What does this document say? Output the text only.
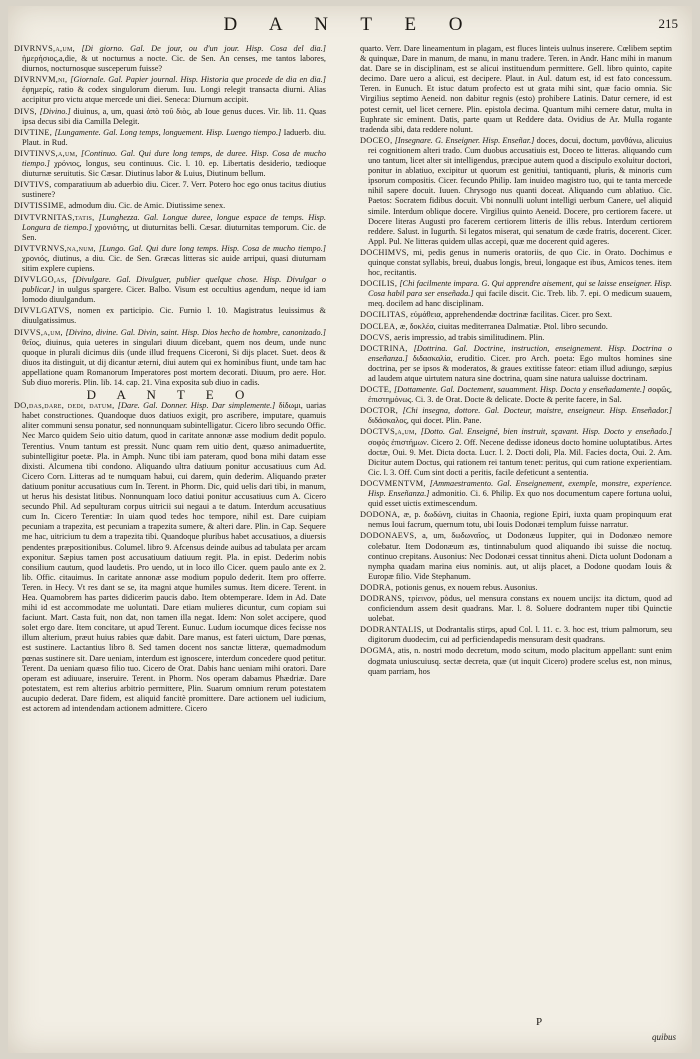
D A N T E O	215

DIVRNVS,a,um, [Di giorno. Gal. De jour, ou d'un jour. Hisp. Cosa del dia.] ἡμερήσιος,a,die, & ut nocturnus a nocte. Cic. de Sen. An censes, me tantos labores, diurnos, nocturnosque susceperum fuisse?

DIVRNVM,ni, [Giornale. Gal. Papier journal. Hisp. Historia que procede de dia en dia.] ἐφημερίς, ratio & codex singulorum dierum. Iuu. Longi relegit transacta diurni. Alias accipitur pro victu atque mercede uni diei. Seneca: Diurnum accipit.

DIVS, [Divino.] diuinus, a, um, quasi ἀπὸ τοῦ διὸς, ab Ioue genus duces. Vir. lib. 11. Quas ipsa decus sibi dia Camilla Delegit.

DIVTINE, [Lungamente. Gal. Long temps, longuement. Hisp. Luengo tiempo.] Iaduerb. diu. Plaut. in Rud.

DIVTINVS,a,um, [Continuo. Gal. Qui dure long temps, de duree. Hisp. Cosa de mucho tiempo.] χρόνιος, longus, seu continuus. Cic. l. 10. ep. Libertatis desiderio, tædioque diuturnæ seruitutis. Sic Cæsar. Diutinus labor & Luius, Diutinum bellum.

DIVTIVS, comparatiuum ab aduerbio diu. Cicer. 7. Verr. Potero hoc ego onus tacitus diutius sustinere?

DIVTISSIME, admodum diu. Cic. de Amic. Diutissime senex.

DIVTVRNITAS,tatis, [Lunghezza. Gal. Longue duree, longue espace de temps. Hisp. Longura de tiempo.] χρονιότης, ut diuturnitas belli. Cæsar. diuturnitas temporum. Cic. de Sen.

DIVTVRNVS,na,num, [Lungo. Gal. Qui dure long temps. Hisp. Cosa de mucho tiempo.] χρονιός, diutinus, a diu. Cic. de Sen. Græcas litteras sic auide arripui, quasi diuturnam sitim explere cupiens.

DIVVLGO,as, [Divulgare. Gal. Divulguer, publier quelque chose. Hisp. Divulgar o publicar.] in uulgus spargere. Cicer. Balbo. Visum est occultius agendum, neque id iam lomodo diuulgandum.

DIVVLGATVS, nomen ex participio. Cic. Furnio l. 10. Magistratus leuissimus & diuulgatissimus.

DIVVS,a,um, [Divino, divine. Gal. Divin, saint. Hisp. Dios hecho de hombre, canonizado.] θεῖος, diuinus, quia ueteres in singulari diuum dicebant, quem nos deum, unde nunc quoque in plurali dicimus diis (unde illud frequens Ciceroni, Si dijs placet. Suet. deos & diuos ita distinguit, ut dij dicantur æterni, diui autem qui ex hominibus fiunt, unde tam hac appellatione quam Romanorum Imperatores post mortem decorati. Diuum, pro aere. Hor. Sub diuo moreris. Plin. lib. 14. cap. 21. Vina exposita sub diuo in cadis.

D A N T E O

DO,das,dare, dedi, datum, [Dare. Gal. Donner. Hisp. Dar simplemente.] δίδωμι, uarias habet constructiones. Quandoque duos datiuos exigit, pro ascribere, imputare, quamuis aliter communi sensu ponatur, sed nonnunquam subintelligatur. Cicero libro secundo Offic. Nec Marco quidem Seio uitio datum, quod in caritate annonæ asse modium dedit populo. Terentius. Vnum tantum est pressit. Nunc quam rem uitio dent, quæso animaduertite, subintelligitur poetæ. Pla. in Amph. Nunc tibi iam pateram, quod bona mihi datam esse dixisti. Alcumena tibi condono. Aliquando ultra datiuum ponitur accusatiuus cum Ad. Cicero Corn. Litteras ad te numquam habui, cui darem, quin dederim. Aliquando præter datiuum ponitur accusatiuus cum In. Terent. in Phorm. Dic, quid uelis dari tibi, in manum, ut herus his desistat litibus. Nonnunquam loco datiui ponitur accusatiuus cum A. Cicero secundo Phil. Ad sepulturam corpus uitricii sui negaui a te datum. Interdum accusatiuus cum In. Cicero Terentiæ: In uiam quod tedes hoc tempore, nihil est. Dare cuipiam pecuniam a trapezita, est pecuniam a trapezita sumere, & alteri dare. Plin. in Cap. Sequere me hac, uitricium tu dem a trapezita tibi. Quandoque pluribus habet accusatiuos, a diuersis pendentes præpositionibus. Columel. libro 9. Afcensus deinde auibus ad tabulata per arcam exponitur. Sæpius tamen post accusatiuum datiuum regit. Pla. in epist. Dederim nobis consilium cautum, quod laudetis. Pro uendo, ut in loco illo Cicer. quem paulo ante ex 2. lib. Offic. citauimus. In caritate annonæ asse modium populo dederit. Item pro offerre. Teren. in Hecy. Vt res dant se se, ita magni atque humiles sumus. Item dicere. Terent. in Hea. Quamobrem has partes didicerim paucis dabo. Item obtemperare. Idem in Ad. Date mihi id est accommodate me uoluntati. Dare etiam mulieres dicuntur, cum copiam sui faciunt. Mart. Casta fuit, non dat, non tamen illa negat. Idem: Non solet accipere, quod solet ergo dare. Item concitare, ut apud Terent. Eunuc. Ludum iocumque dices fecisse nos illum alterium, præut huius rabies quæ dabit. Dare manus, est fateri uictum, Dare pœnas, est sustinere. Lactantius libro 8. Sed tamen docent nos sanctæ litteræ, quemadmodum pœnas sustinere sit. Dare ueniam, interdum est ignoscere, interdum concedere quod petitur. Terent. Da ueniam quæso filio tuo. Cicero de Orat. Dabis hanc ueniam mihi oratori. Dare operam est adiuuare, inseruire. Terent. in Phorm. Nos operam dabamus Phædriæ. Dare potestatem, est rem alterius arbitrio permittere, Plin. Suarum omnium rerum potestatem aucupio dederat. Dare fidem, est aliquid fancitè promittere. Dare actionem uel iudicium, est actorem ad intendendam actionem admittere. Cicero

quarto. Verr. Dare lineamentum in plagam, est fluces linteis uulnus inserere. Cœlibem septim & quinquæ, Dare in manum, de manu, in manu tradere. Teren. in Andr. Hanc mihi in manum dat. Dare se in disciplinam, est se alicui instituendum permittere. Gell. libro quinto, capite decimo. Dare uero a alicui, est decipere. Plaut. in Aul. datum est, id est fato concessum. Teren. in Eunuch. Et istuc datum profecto est ut grata mihi sint, quæ facio omnia. Sic Virgilius septimo Aeneid. non dabitur regnis (esto) prohibere Latinis. Datur cernere, id est potest cernit, uel licet cernere. Plin. epistola decima. Quantum mihi cernere datur, multa in Euphrate sic eminent. Datis, parte quam ut Reddere data. Ovidius de Ar. Mulla rogante tradenda sibi, data reddere nolunt.

DOCEO, [Insegnare. G. Enseigner. Hisp. Enseñar.] doces, docui, doctum, μανθάνω, alicuius rei cognitionem alteri trado. Cum duobus accusatiuis est, Doceo te litteras. aliquando cum uno tantum, licet alter sit intelligendus, præcipue autem quod a discipulo exoluitur doctori, ponitur in ablatiuo, excipitur ut quorum est genitiui, tantiquanti, pluris, & minoris cum ipsorum compositis. Cicer. fecundo Philip. Iam inuideo magistro tuo, qui te tanta mercede nihil sapere docuit. Iuuen. Chrysogo nus quanti doceat. Aliquando cum ablatiuo. Cic. Paetos: Socratem fidibus docuit. Vbi nonnulli uolunt intelligi uerbum Canere, uel aliquid simile. Interdum oblique docere. Virgilius quinto Aeneid. Docere, pro certiorem facere. ut Docere literas Augusti pro facerem certiorem litteris de illis rebus. Interdum certiorem reddere. Salust. in Iugurth. Si legatos miserat, qui senatum de cæde fratris, docerent. Cicer. Appl. Pul. Ne litteras quidem ullas accepi, quæ me docerent quid ageres.

DOCHIMVS, mi, pedis genus in numeris oratoriis, de quo Cic. in Orato. Dochimus e quinque constat syllabis, breui, duabus longis, breui, longaque est ibus, Amicos tenes. item hoc, recitantis.

DOCILIS, [Chi facilmente impara. G. Qui apprendre aisement, qui se laisse enseigner. Hisp. Cosa habil para ser enseñada.] qui facile discit. Cic. Treb. lib. 7. epi. O medicum suauem, meq. docilem ad hanc disciplinam.

DOCILITAS, εὐμάθεια, apprehendendæ doctrinæ facilitas. Cicer. pro Sext.

DOCLEA, æ, δοκλέα, ciuitas mediterranea Dalmatiæ. Ptol. libro secundo.

DOCVS, aeris impressio, ad trabis similitudinem. Plin.

DOCTRINA, [Dottrina. Gal. Doctrine, instruction, enseignement. Hisp. Doctrina o enseñanza.] διδασκαλία, eruditio. Cicer. pro Arch. poeta: Ego multos homines sine doctrina, per se ipsos & moderatos, & graues extitisse fateor: etiam illud adiungo, sæpius ad laudem atque uirtutem natura sine doctrina, quam sine natura ualuisse doctrinam.

DOCTE, [Dottamente. Gal. Doctement, sauamment. Hisp. Docta y enseñadamente.] σοφῶς, ἐπιστημόνως. Ci. 3. de Orat. Docte & delicate. Docte & perite facere, in Sal.

DOCTOR, [Chi insegna, dottore. Gal. Docteur, maistre, enseigneur. Hisp. Enseñador.] διδάσκαλος, qui docet. Plin. Pane.

DOCTVS,a,um, [Dotto. Gal. Enseigné, bien instruit, sçavant. Hisp. Docto y enseñado.] σοφὸς ἐπιστήμων. Cicero 2. Off. Necene dedisse idoneus docto homine uoluptatibus. Artes doctæ, Oui. 9. Met. Dicta docta. Lucr. l. 2. Docti doli, Pla. Mil. Facies docta, Oui. 2. Am. Dicitur autem Doctus, qui rationem rei tantum tenet: peritus, qui cum ratione experientiam. Cic. l. 3. Off. Cum sint docti a peritis, facile defeticunt a sententia.

DOCVMENTVM, [Ammaestramento. Gal. Enseignement, exemple, monstre, experience. Hisp. Enseñanza.] admonitio. Ci. 6. Philip. Ex quo nos documentum capere fortuna uolui, quid esset uictis extimescendum.

DODONA, æ, p. δωδώνη, ciuitas in Chaonia, regione Epiri, iuxta quam propinquum erat nemus Ioui facrum, quernum totu, ubi Iouis Dodonæi templum fuisse narratur.

DODONAEVS, a, um, δωδωναῖος, ut Dodonæus Iuppiter, qui in Dodonæo nemore colebatur. Item Dodonæum æs, tintinnabulum quod aliquando ibi suisse die noctuq. continuo crepitans. Ausonius: Nec Dodonæi cessat tinnitus aheni. Dicta uolunt Dodonam a nympha quadam marina eius nominis. aut, ut alijs placet, a Dodone quodam Iouis & Europæ filio. Vide Stephanum.

DODRA, potionis genus, ex nouem rebus. Ausonius.

DODRANS, τρίεινον, pòdus, uel mensura constans ex nouem uncijs: ita dictum, quod ad conficiendum assem desit quadrans. Mar. l. 8. Soluere dodrantem nuper tibi Quinctie uolebat.

DODRANTALIS, ut Dodrantalis stirps, apud Col. l. 11. c. 3. hoc est, trium palmorum, seu digitorum duodecim, cui ad perficiendapedis mensuram desit quadrans.

DOGMA, atis, n. nostri modo decretum, modo scitum, modo placitum appellant: sunt enim dogmata uniuscuiusq. sectæ decreta, quæ (ut inquit Cicero) prodere scelus est, non minus, quam parriam, hos

P
quibus
